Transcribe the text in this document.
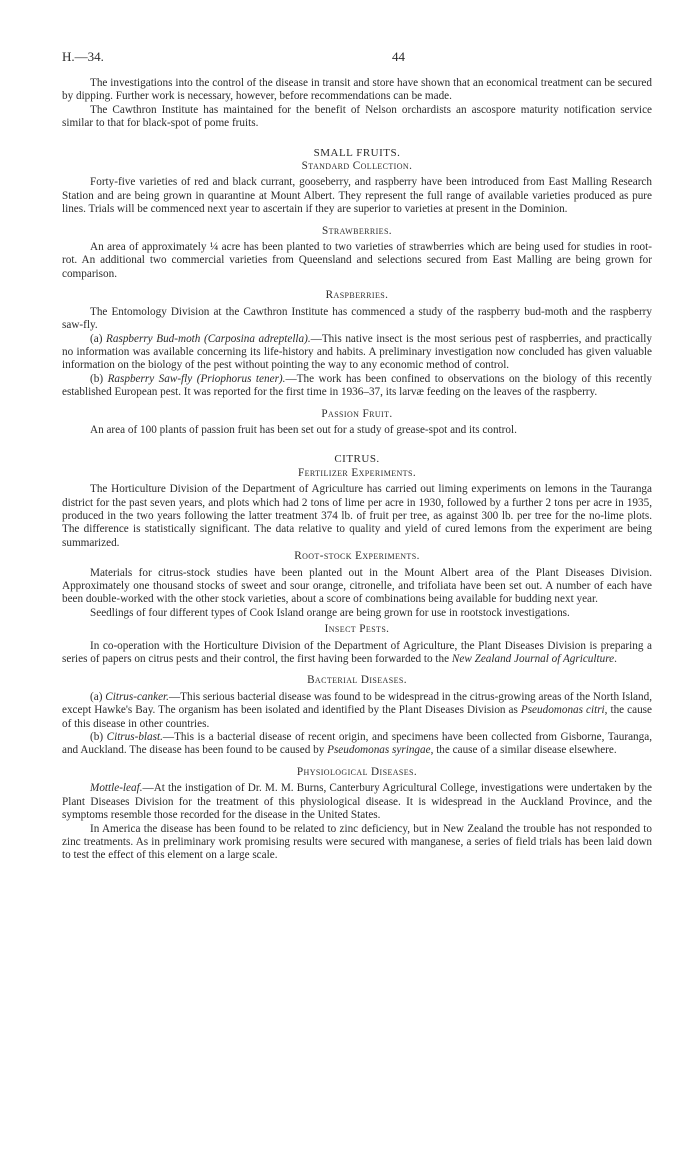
H.—34.	44

The investigations into the control of the disease in transit and store have shown that an economical treatment can be secured by dipping. Further work is necessary, however, before recommendations can be made.

The Cawthron Institute has maintained for the benefit of Nelson orchardists an ascospore maturity notification service similar to that for black-spot of pome fruits.

SMALL FRUITS.
Standard Collection.

Forty-five varieties of red and black currant, gooseberry, and raspberry have been introduced from East Malling Research Station and are being grown in quarantine at Mount Albert. They represent the full range of available varieties produced as pure lines. Trials will be commenced next year to ascertain if they are superior to varieties at present in the Dominion.

Strawberries.

An area of approximately ¼ acre has been planted to two varieties of strawberries which are being used for studies in root-rot. An additional two commercial varieties from Queensland and selections secured from East Malling are being grown for comparison.

Raspberries.

The Entomology Division at the Cawthron Institute has commenced a study of the raspberry bud-moth and the raspberry saw-fly.

(a) Raspberry Bud-moth (Carposina adreptella).—This native insect is the most serious pest of raspberries, and practically no information was available concerning its life-history and habits. A preliminary investigation now concluded has given valuable information on the biology of the pest without pointing the way to any economic method of control.

(b) Raspberry Saw-fly (Priophorus tener).—The work has been confined to observations on the biology of this recently established European pest. It was reported for the first time in 1936–37, its larvæ feeding on the leaves of the raspberry.

Passion Fruit.

An area of 100 plants of passion fruit has been set out for a study of grease-spot and its control.

CITRUS.
Fertilizer Experiments.

The Horticulture Division of the Department of Agriculture has carried out liming experiments on lemons in the Tauranga district for the past seven years, and plots which had 2 tons of lime per acre in 1930, followed by a further 2 tons per acre in 1935, produced in the two years following the latter treatment 374 lb. of fruit per tree, as against 300 lb. per tree for the no-lime plots. The difference is statistically significant. The data relative to quality and yield of cured lemons from the experiment are being summarized.

Root-stock Experiments.

Materials for citrus-stock studies have been planted out in the Mount Albert area of the Plant Diseases Division. Approximately one thousand stocks of sweet and sour orange, citronelle, and trifoliata have been set out. A number of each have been double-worked with the other stock varieties, about a score of combinations being available for budding next year.

Seedlings of four different types of Cook Island orange are being grown for use in rootstock investigations.

Insect Pests.

In co-operation with the Horticulture Division of the Department of Agriculture, the Plant Diseases Division is preparing a series of papers on citrus pests and their control, the first having been forwarded to the New Zealand Journal of Agriculture.

Bacterial Diseases.

(a) Citrus-canker.—This serious bacterial disease was found to be widespread in the citrus-growing areas of the North Island, except Hawke's Bay. The organism has been isolated and identified by the Plant Diseases Division as Pseudomonas citri, the cause of this disease in other countries.

(b) Citrus-blast.—This is a bacterial disease of recent origin, and specimens have been collected from Gisborne, Tauranga, and Auckland. The disease has been found to be caused by Pseudomonas syringae, the cause of a similar disease elsewhere.

Physiological Diseases.

Mottle-leaf.—At the instigation of Dr. M. M. Burns, Canterbury Agricultural College, investigations were undertaken by the Plant Diseases Division for the treatment of this physiological disease. It is widespread in the Auckland Province, and the symptoms resemble those recorded for the disease in the United States.

In America the disease has been found to be related to zinc deficiency, but in New Zealand the trouble has not responded to zinc treatments. As in preliminary work promising results were secured with manganese, a series of field trials has been laid down to test the effect of this element on a large scale.
